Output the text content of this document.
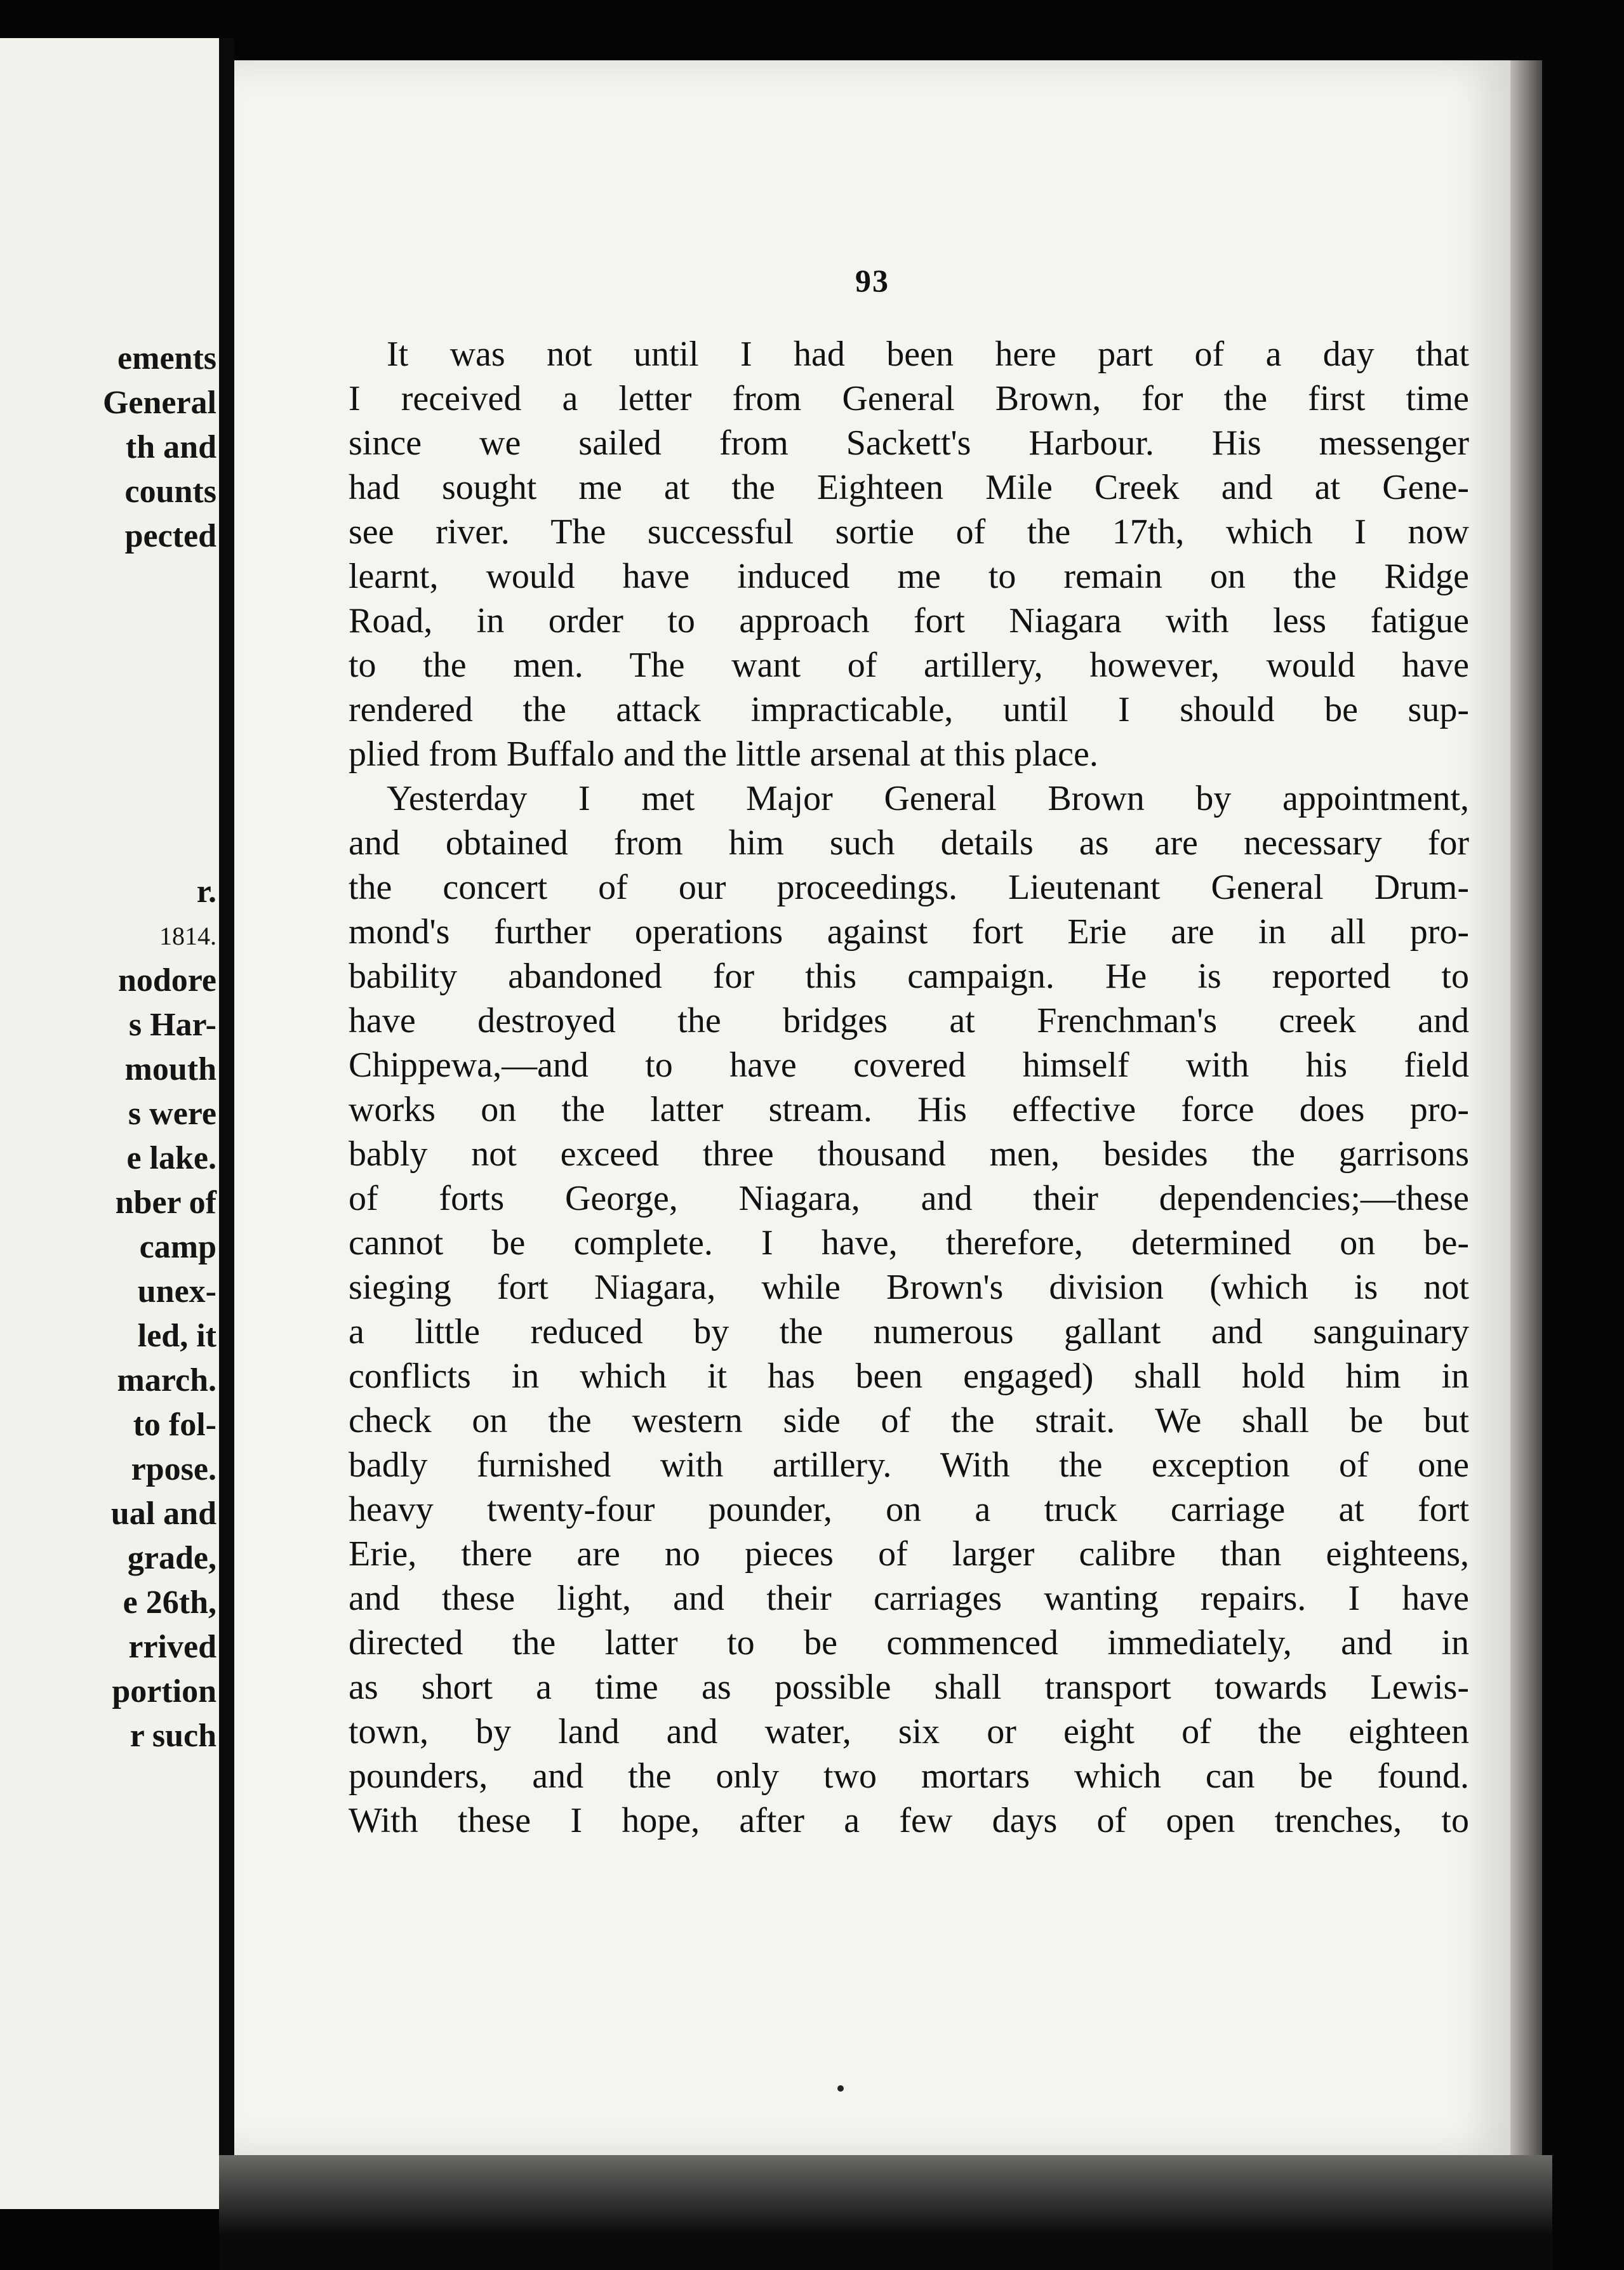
ements
General
th and
counts
pected
r.
1814.
nodore
s Har-
mouth
s were
e lake.
nber of
camp
unex-
led, it
march.
to fol-
rpose.
ual and
grade,
e 26th,
rrived
portion
r such
93
It was not until I had been here part of a day that
I received a letter from General Brown, for the first time
since we sailed from Sackett's Harbour. His messenger
had sought me at the Eighteen Mile Creek and at Gene-
see river. The successful sortie of the 17th, which I now
learnt, would have induced me to remain on the Ridge
Road, in order to approach fort Niagara with less fatigue
to the men. The want of artillery, however, would have
rendered the attack impracticable, until I should be sup-
plied from Buffalo and the little arsenal at this place.
Yesterday I met Major General Brown by appointment,
and obtained from him such details as are necessary for
the concert of our proceedings. Lieutenant General Drum-
mond's further operations against fort Erie are in all pro-
bability abandoned for this campaign. He is reported to
have destroyed the bridges at Frenchman's creek and
Chippewa,—and to have covered himself with his field
works on the latter stream. His effective force does pro-
bably not exceed three thousand men, besides the garrisons
of forts George, Niagara, and their dependencies;—these
cannot be complete. I have, therefore, determined on be-
sieging fort Niagara, while Brown's division (which is not
a little reduced by the numerous gallant and sanguinary
conflicts in which it has been engaged) shall hold him in
check on the western side of the strait. We shall be but
badly furnished with artillery. With the exception of one
heavy twenty-four pounder, on a truck carriage at fort
Erie, there are no pieces of larger calibre than eighteens,
and these light, and their carriages wanting repairs. I have
directed the latter to be commenced immediately, and in
as short a time as possible shall transport towards Lewis-
town, by land and water, six or eight of the eighteen
pounders, and the only two mortars which can be found.
With these I hope, after a few days of open trenches, to
